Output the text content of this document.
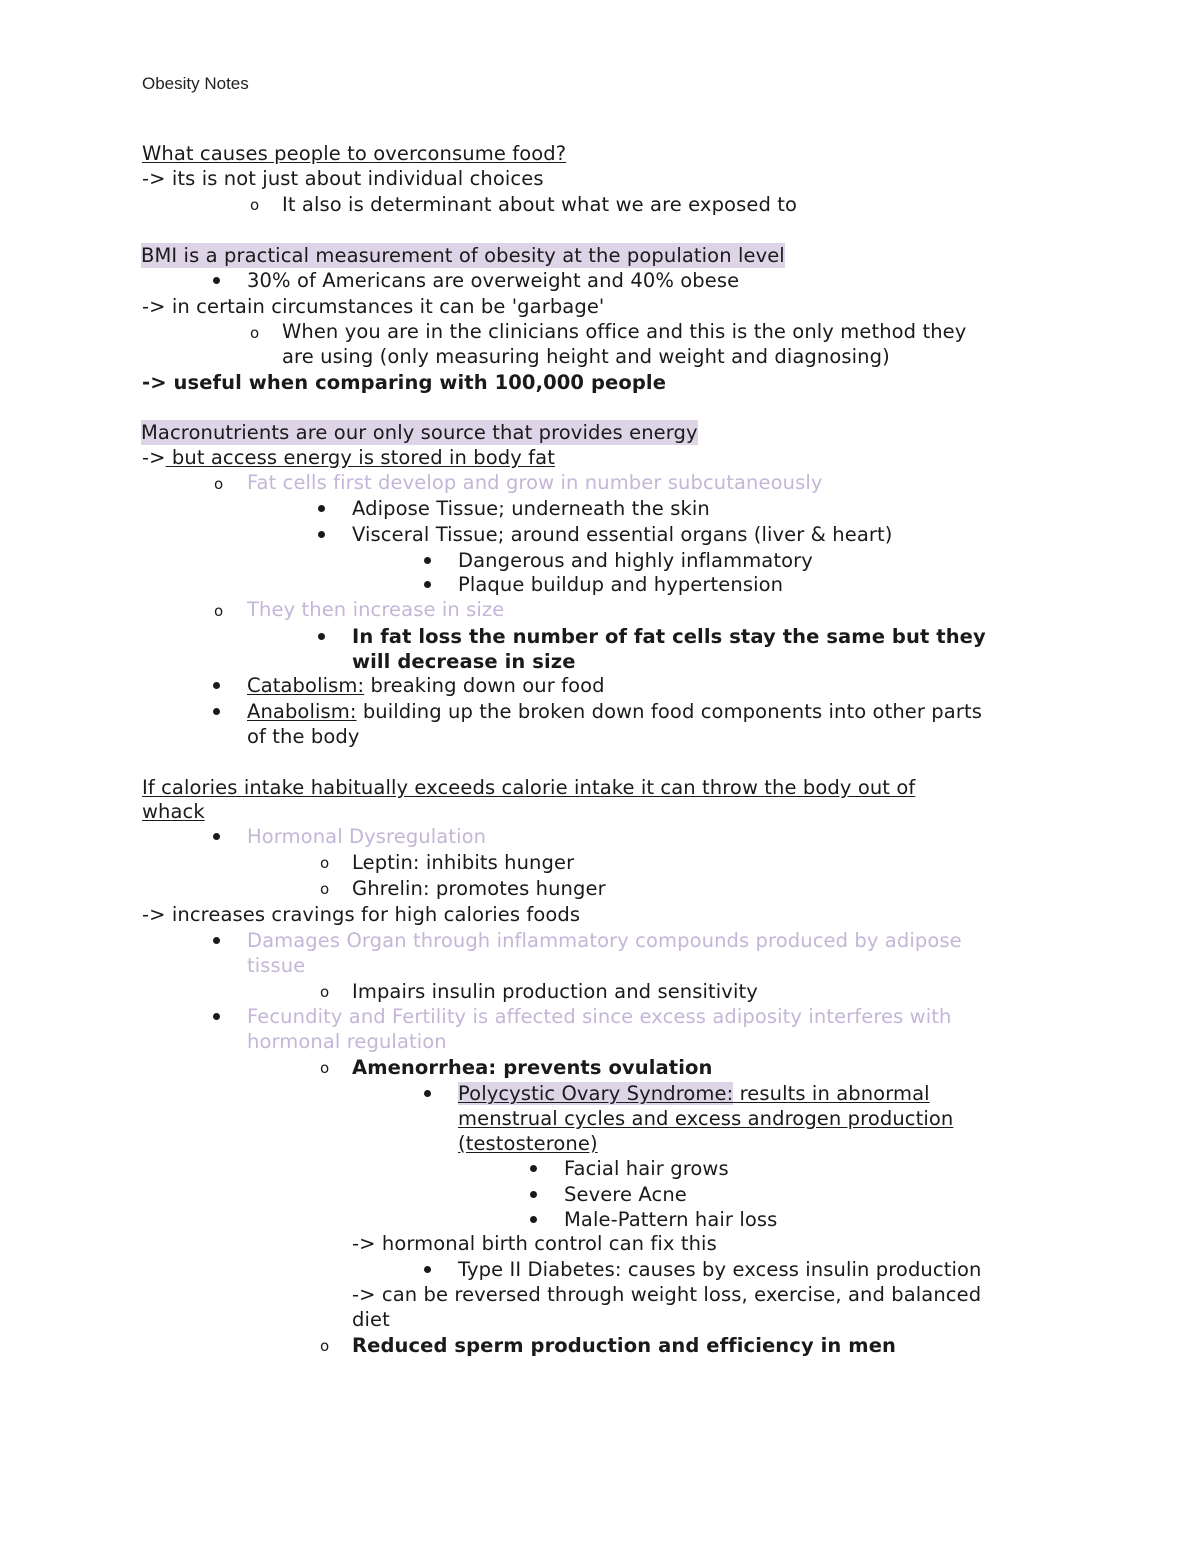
Obesity Notes
What causes people to overconsume food?
-> its is not just about individual choices
o It also is determinant about what we are exposed to
BMI is a practical measurement of obesity at the population level
30% of Americans are overweight and 40% obese
-> in certain circumstances it can be 'garbage'
o When you are in the clinicians office and this is the only method they
are using (only measuring height and weight and diagnosing)
-> useful when comparing with 100,000 people
Macronutrients are our only source that provides energy
-> but access energy is stored in body fat
o Fat cells first develop and grow in number subcutaneously
Adipose Tissue; underneath the skin
Visceral Tissue; around essential organs (liver & heart)
Dangerous and highly inflammatory
Plaque buildup and hypertension
o They then increase in size
In fat loss the number of fat cells stay the same but they
will decrease in size
Catabolism: breaking down our food
Anabolism: building up the broken down food components into other parts
of the body
If calories intake habitually exceeds calorie intake it can throw the body out of
whack
Hormonal Dysregulation
o Leptin: inhibits hunger
o Ghrelin: promotes hunger
-> increases cravings for high calories foods
Damages Organ through inflammatory compounds produced by adipose
tissue
o Impairs insulin production and sensitivity
Fecundity and Fertility is affected since excess adiposity interferes with
hormonal regulation
o Amenorrhea: prevents ovulation
Polycystic Ovary Syndrome: results in abnormal
menstrual cycles and excess androgen production
(testosterone)
Facial hair grows
Severe Acne
Male-Pattern hair loss
-> hormonal birth control can fix this
Type II Diabetes: causes by excess insulin production
-> can be reversed through weight loss, exercise, and balanced
diet
o Reduced sperm production and efficiency in men
